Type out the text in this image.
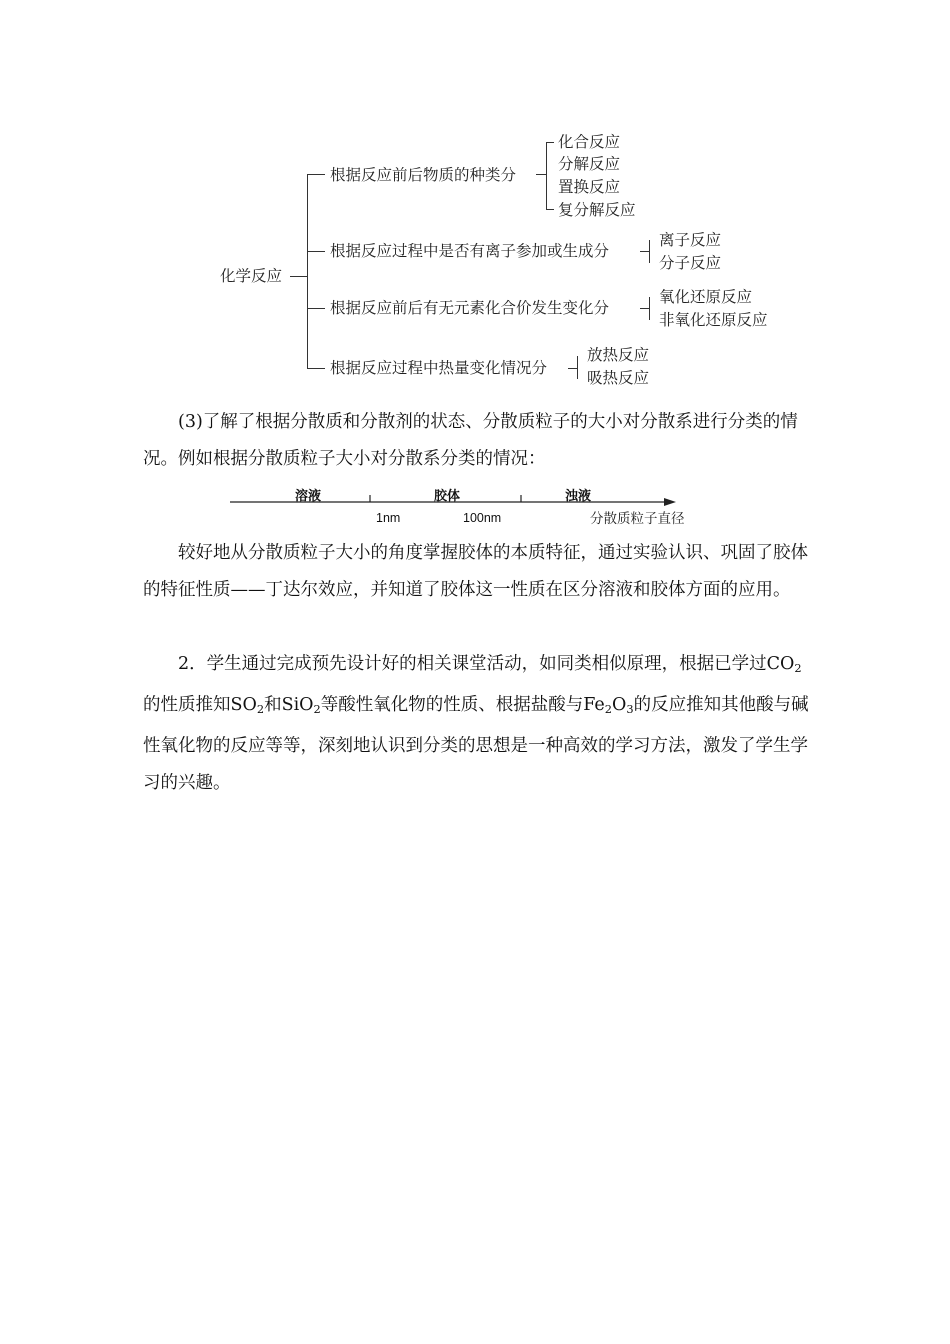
化学反应
根据反应前后物质的种类分
化合反应
分解反应
置换反应
复分解反应
根据反应过程中是否有离子参加或生成分
离子反应
分子反应
根据反应前后有无元素化合价发生变化分
氧化还原反应
非氧化还原反应
根据反应过程中热量变化情况分
放热反应
吸热反应
(3)了解了根据分散质和分散剂的状态、分散质粒子的大小对分散系进行分类的情况。例如根据分散质粒子大小对分散系分类的情况：
溶液	胶体	浊液
1nm	100nm	分散质粒子直径
较好地从分散质粒子大小的角度掌握胶体的本质特征，通过实验认识、巩固了胶体的特征性质——丁达尔效应，并知道了胶体这一性质在区分溶液和胶体方面的应用。
2．学生通过完成预先设计好的相关课堂活动，如同类相似原理，根据已学过$CO_2$的性质推知$SO_2$和SiO$_2$等酸性氧化物的性质、根据盐酸与$Fe_2O_3$的反应推知其他酸与碱性氧化物的反应等等，深刻地认识到分类的思想是一种高效的学习方法，激发了学生学习的兴趣。
